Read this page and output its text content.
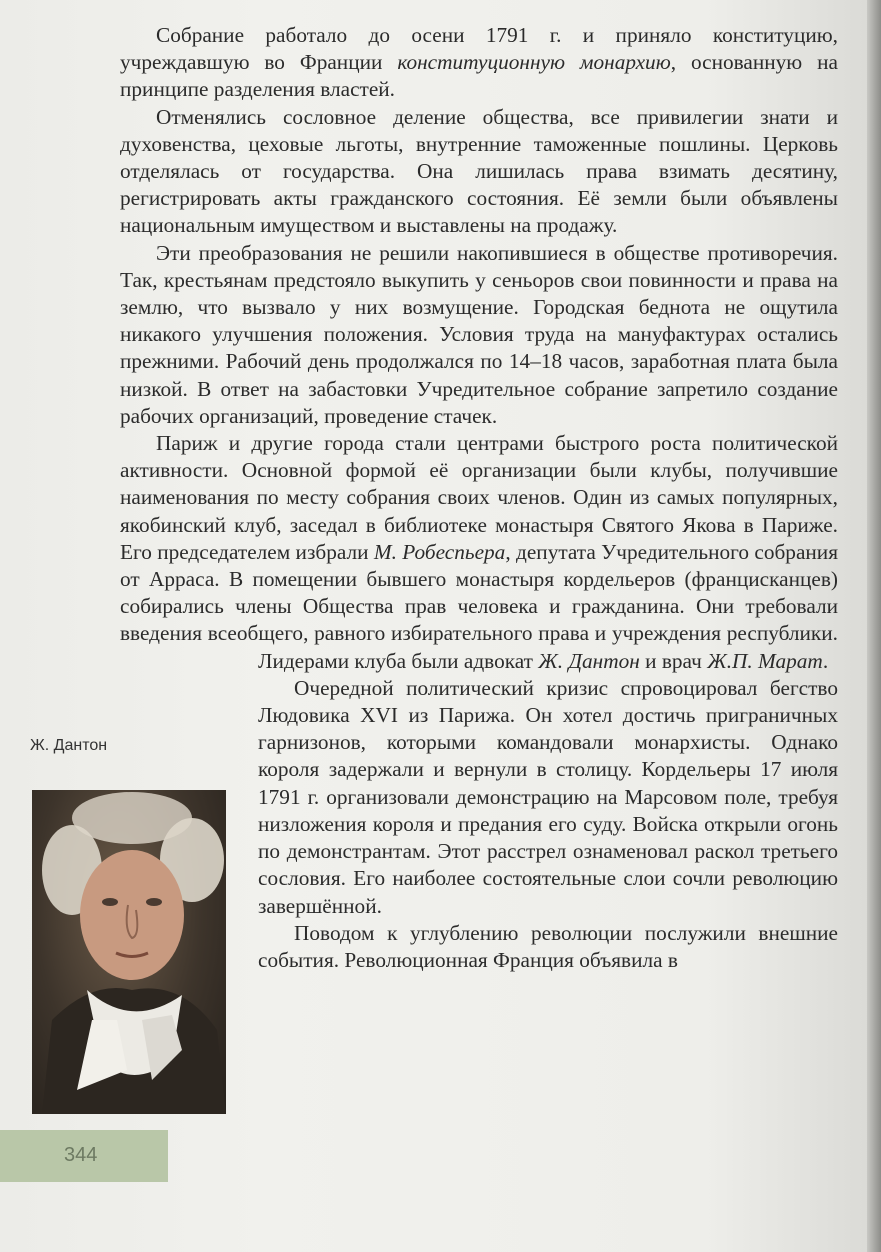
Собрание работало до осени 1791 г. и приняло конституцию, учреждавшую во Франции конституционную монархию, основанную на принципе разделения властей.

Отменялись сословное деление общества, все привилегии знати и духовенства, цеховые льготы, внутренние таможенные пошлины. Церковь отделялась от государства. Она лишилась права взимать десятину, регистрировать акты гражданского состояния. Её земли были объявлены национальным имуществом и выставлены на продажу.

Эти преобразования не решили накопившиеся в обществе противоречия. Так, крестьянам предстояло выкупить у сеньоров свои повинности и права на землю, что вызвало у них возмущение. Городская беднота не ощутила никакого улучшения положения. Условия труда на мануфактурах остались прежними. Рабочий день продолжался по 14–18 часов, заработная плата была низкой. В ответ на забастовки Учредительное собрание запретило создание рабочих организаций, проведение стачек.

Париж и другие города стали центрами быстрого роста политической активности. Основной формой её организации были клубы, получившие наименования по месту собрания своих членов. Один из самых популярных, якобинский клуб, заседал в библиотеке монастыря Святого Якова в Париже. Его председателем избрали М. Робеспьера, депутата Учредительного собрания от Арраса. В помещении бывшего монастыря кордельеров (францисканцев) собирались члены Общества прав человека и гражданина. Они требовали введения всеобщего, равного избирательного права и учреждения республики. Лидерами клуба были адвокат
Ж. Дантон и врач Ж.П. Марат.

Очередной политический кризис спровоцировал бегство Людовика XVI из Парижа. Он хотел достичь приграничных гарнизонов, которыми командовали монархисты. Однако короля задержали и вернули в столицу. Кордельеры 17 июля 1791 г. организовали демонстрацию на Марсовом поле, требуя низложения короля и предания его суду. Войска открыли огонь по демонстрантам. Этот расстрел ознаменовал раскол третьего сословия. Его наиболее состоятельные слои сочли революцию завершённой.

Поводом к углублению революции послужили внешние события. Революционная Франция объявила в

Ж. Дантон
344
